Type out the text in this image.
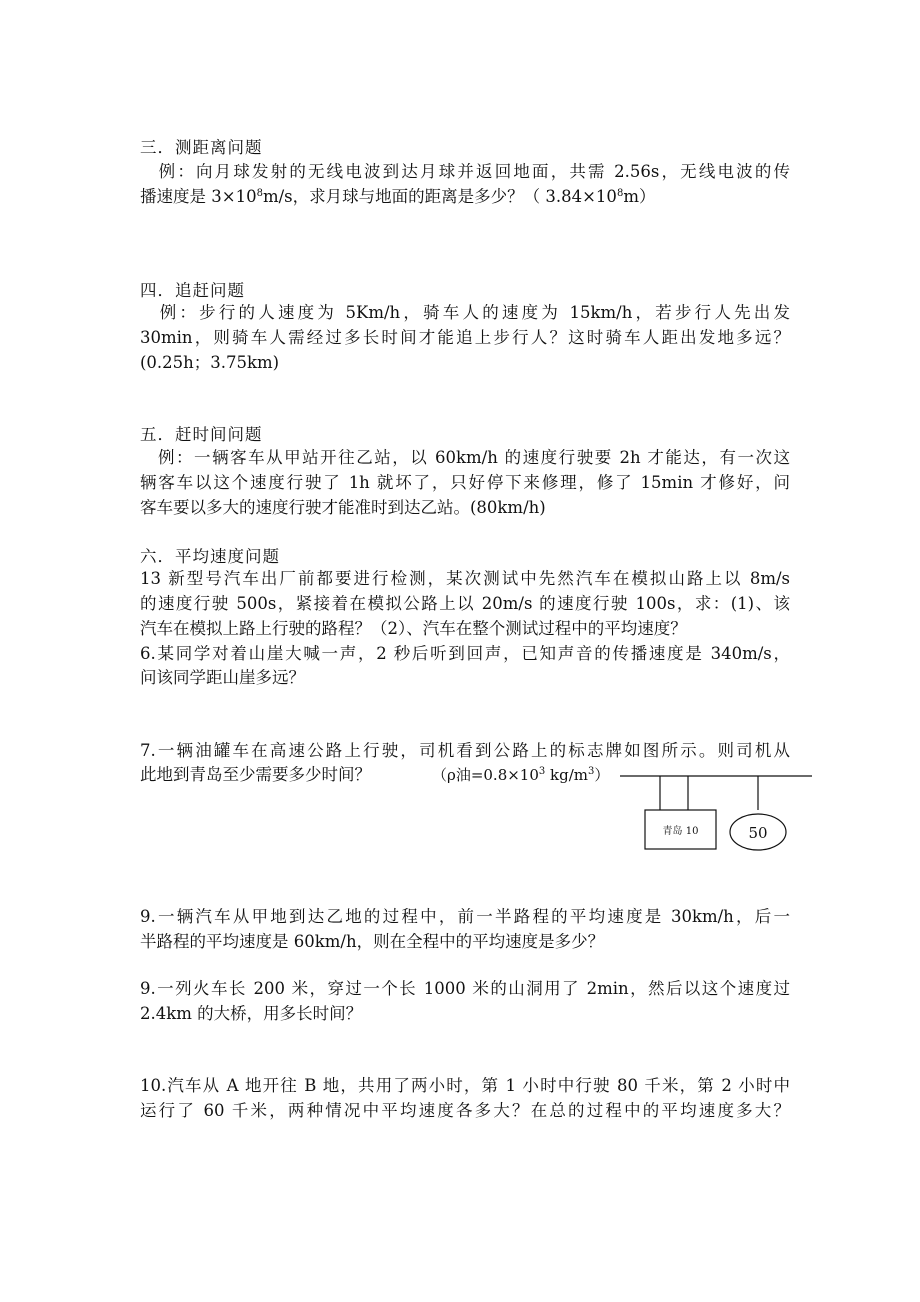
三．测距离问题
　例：向月球发射的无线电波到达月球并返回地面，共需 2.56s，无线电波的传
播速度是 $3\times 10^8m/s$，求月球与地面的距离是多少？（ $3.84\times 10^8m$）
四．追赶问题
　例：步行的人速度为 5Km/h，骑车人的速度为 15km/h，若步行人先出发
30min，则骑车人需经过多长时间才能追上步行人？这时骑车人距出发地多远？
(0.25h；3.75km)
五．赶时间问题
　例：一辆客车从甲站开往乙站，以 60km/h 的速度行驶要 2h 才能达，有一次这
辆客车以这个速度行驶了 1h 就坏了，只好停下来修理，修了 15min 才修好，问
客车要以多大的速度行驶才能准时到达乙站。(80km/h)
六．平均速度问题
13 新型号汽车出厂前都要进行检测，某次测试中先然汽车在模拟山路上以 8m/s
的速度行驶 500s，紧接着在模拟公路上以 20m/s 的速度行驶 100s，求：(1)、该
汽车在模拟上路上行驶的路程？（2）、汽车在整个测试过程中的平均速度？
6.某同学对着山崖大喊一声，2 秒后听到回声，已知声音的传播速度是 340m/s，
问该同学距山崖多远？
7.一辆油罐车在高速公路上行驶，司机看到公路上的标志牌如图所示。则司机从
此地到青岛至少需要多少时间？	（ρ油$=0.8\times 10^3$ $kg/m^3$）
青岛 10	50
9.一辆汽车从甲地到达乙地的过程中，前一半路程的平均速度是 30km/h，后一
半路程的平均速度是 60km/h，则在全程中的平均速度是多少？
9.一列火车长 200 米，穿过一个长 1000 米的山洞用了 2min，然后以这个速度过
2.4km 的大桥，用多长时间？
10.汽车从 A 地开往 B 地，共用了两小时，第 1 小时中行驶 80 千米，第 2 小时中
运行了 60 千米，两种情况中平均速度各多大？在总的过程中的平均速度多大？
